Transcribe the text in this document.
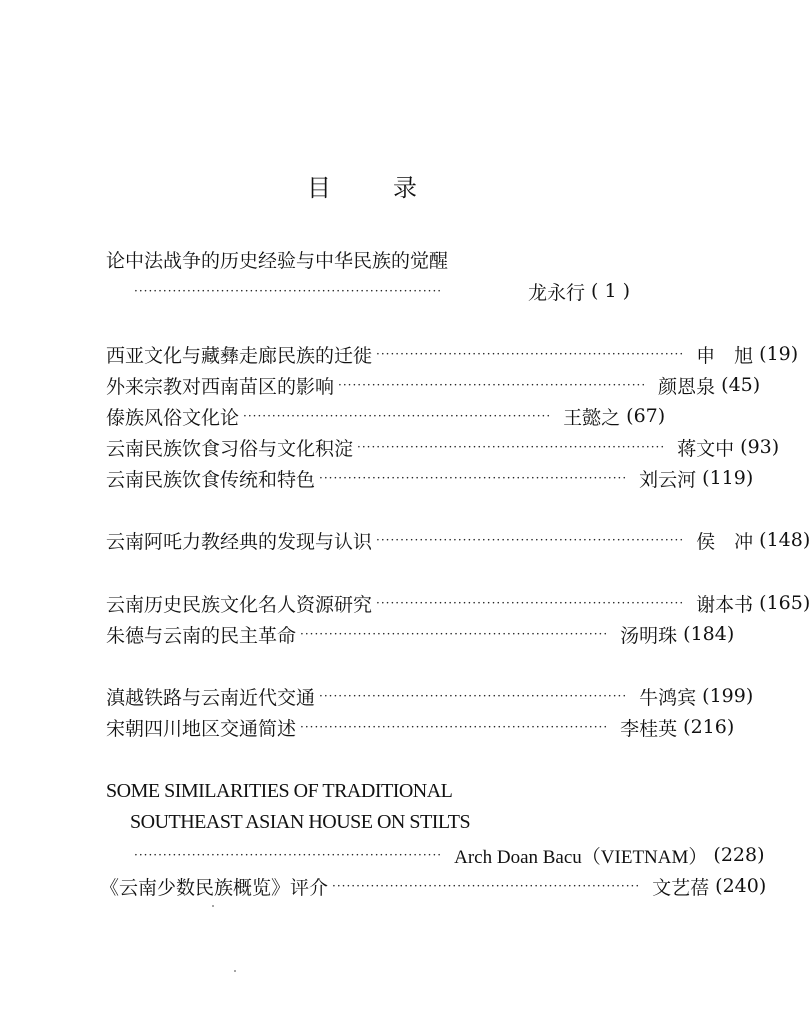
目	录
论中法战争的历史经验与中华民族的觉醒
································································	龙永行 ( 1 )
西亚文化与藏彝走廊民族的迁徙 ································································ 申　旭 (19)
外来宗教对西南苗区的影响 ································································ 颜恩泉 (45)
傣族风俗文化论 ································································ 王懿之 (67)
云南民族饮食习俗与文化积淀 ································································ 蒋文中 (93)
云南民族饮食传统和特色 ································································ 刘云河 (119)
云南阿吒力教经典的发现与认识 ································································ 侯　冲 (148)
云南历史民族文化名人资源研究 ································································ 谢本书 (165)
朱德与云南的民主革命 ································································ 汤明珠 (184)
滇越铁路与云南近代交通 ································································ 牛鸿宾 (199)
宋朝四川地区交通简述 ································································ 李桂英 (216)
SOME SIMILARITIES OF TRADITIONAL
SOUTHEAST ASIAN HOUSE ON STILTS
································································ Arch Doan Bacu（VIETNAM） (228)
《云南少数民族概览》评介 ································································ 文艺蓓 (240)
